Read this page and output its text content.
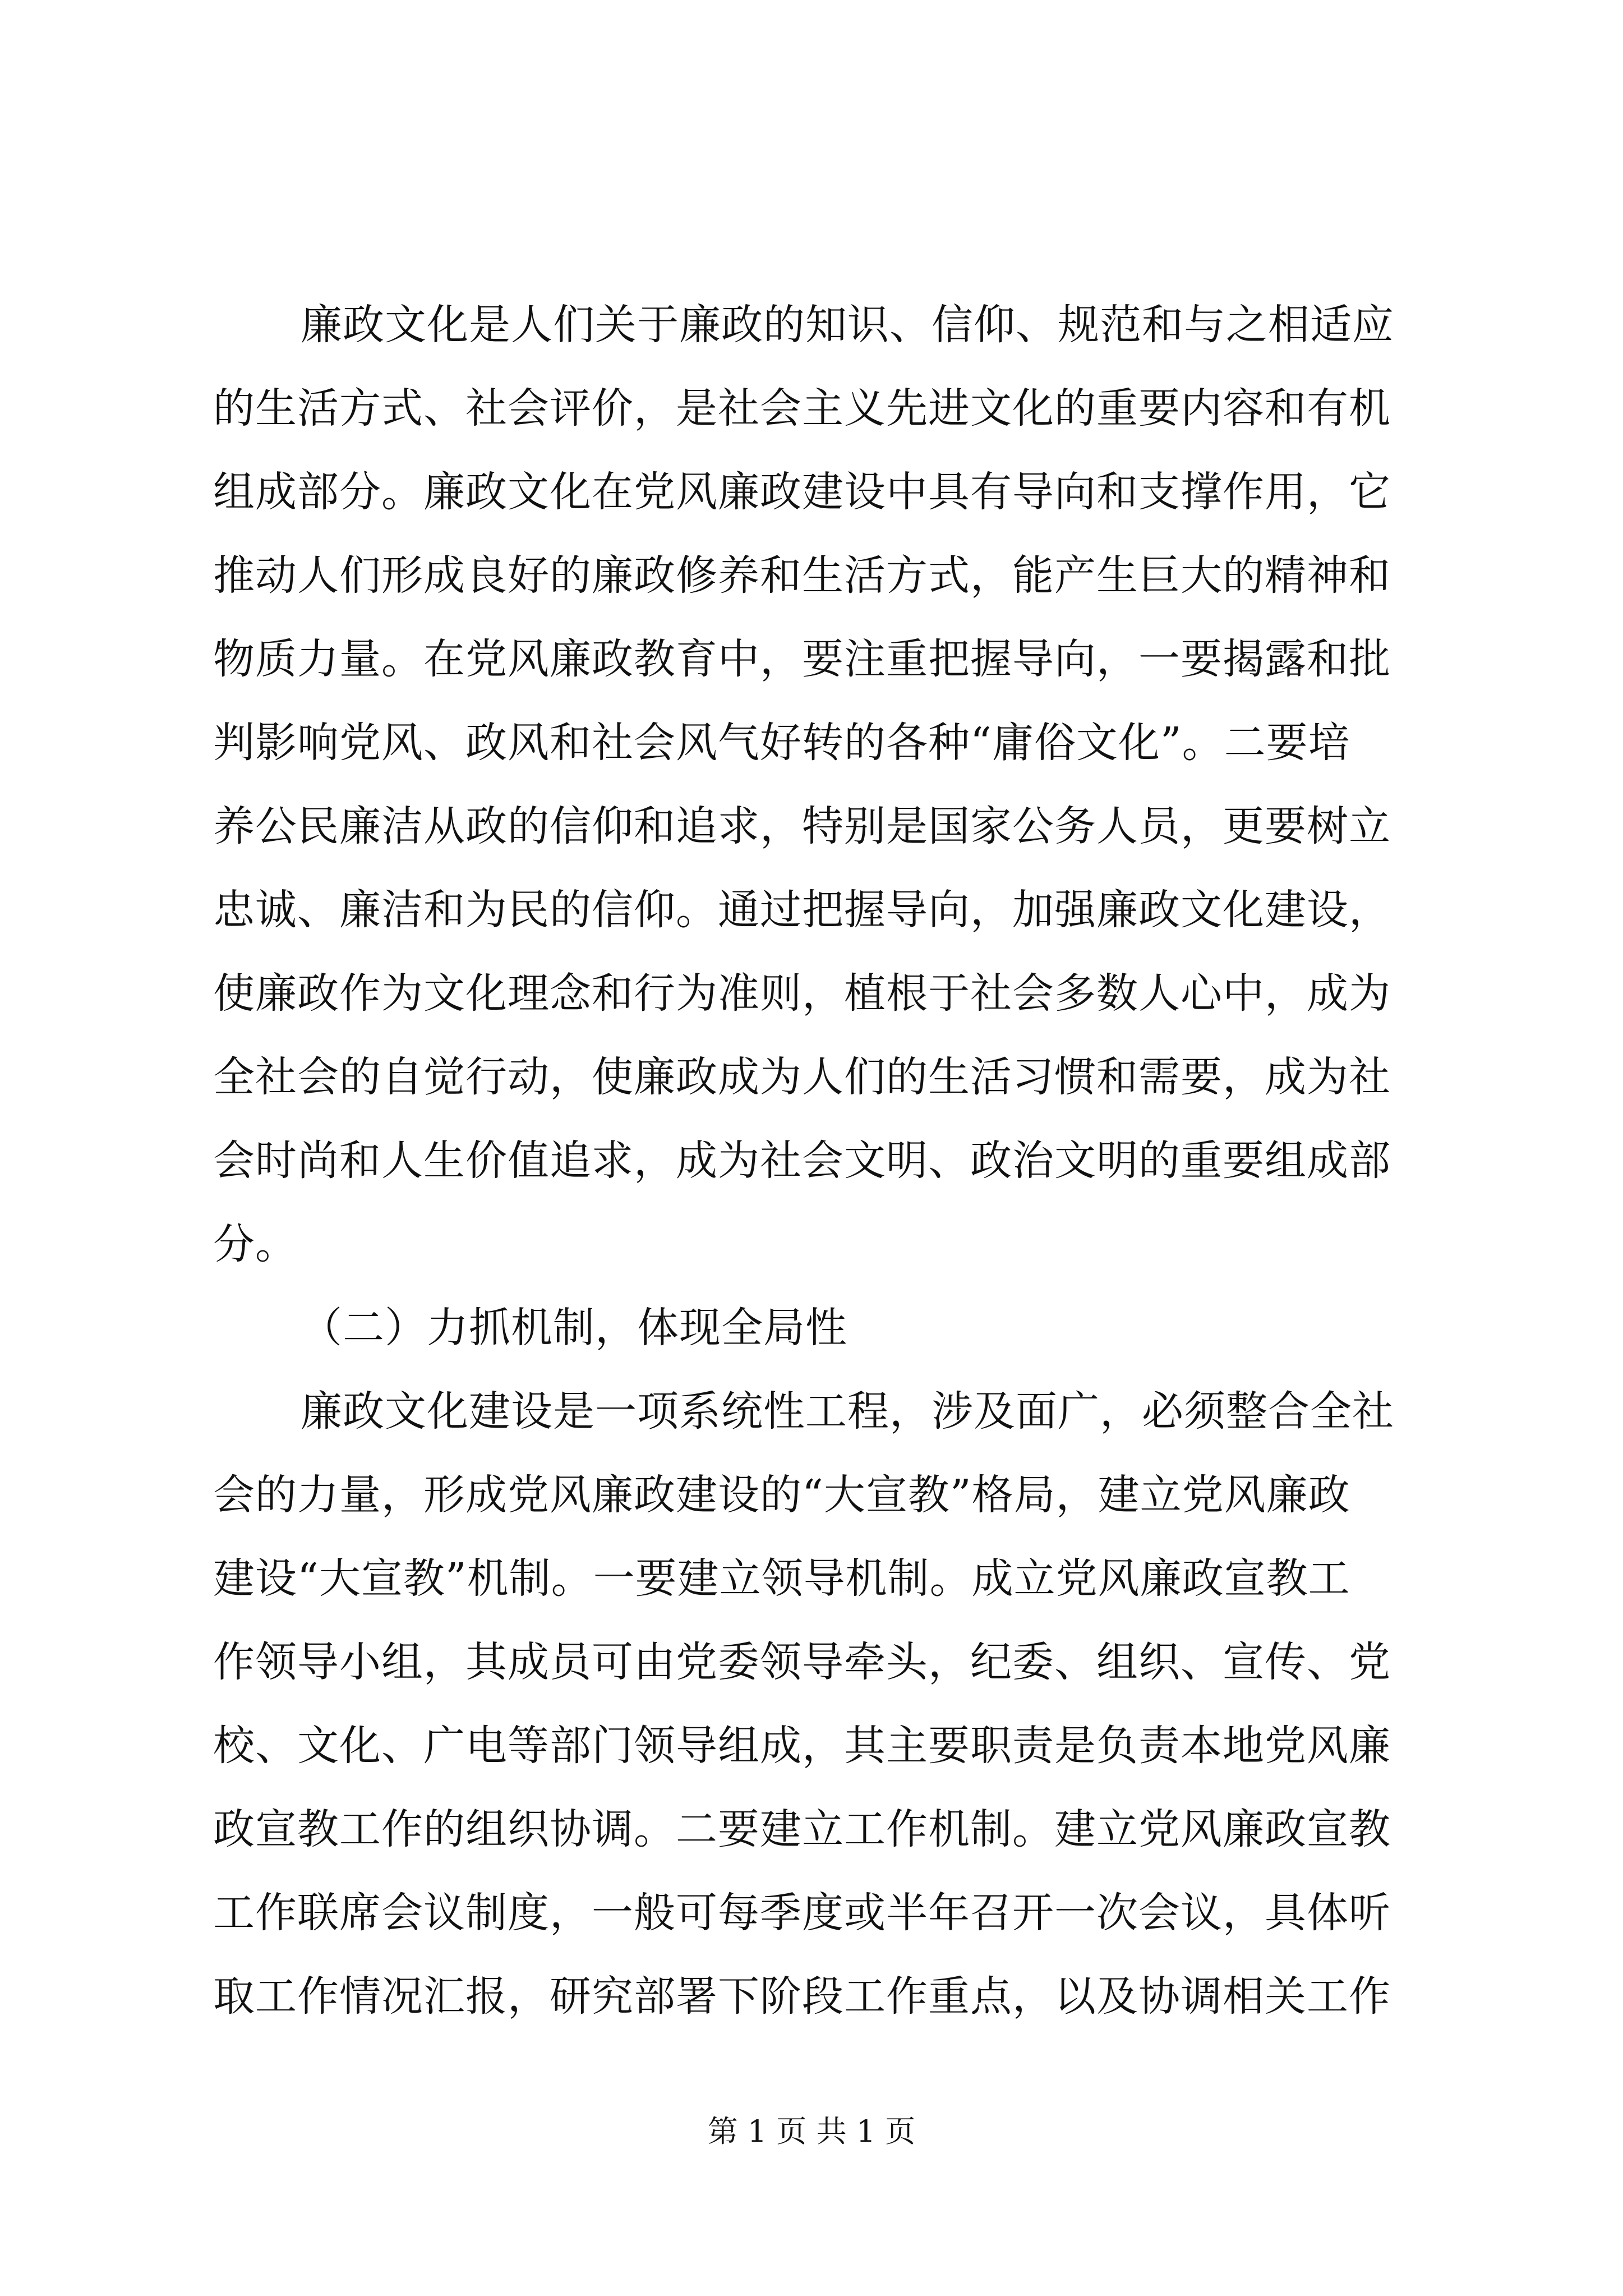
廉政文化是人们关于廉政的知识、信仰、规范和与之相适应
的生活方式、社会评价，是社会主义先进文化的重要内容和有机
组成部分。廉政文化在党风廉政建设中具有导向和支撑作用，它
推动人们形成良好的廉政修养和生活方式，能产生巨大的精神和
物质力量。在党风廉政教育中，要注重把握导向，一要揭露和批
判影响党风、政风和社会风气好转的各种“庸俗文化”。二要培
养公民廉洁从政的信仰和追求，特别是国家公务人员，更要树立
忠诚、廉洁和为民的信仰。通过把握导向，加强廉政文化建设，
使廉政作为文化理念和行为准则，植根于社会多数人心中，成为
全社会的自觉行动，使廉政成为人们的生活习惯和需要，成为社
会时尚和人生价值追求，成为社会文明、政治文明的重要组成部
分。
（二）力抓机制，体现全局性
廉政文化建设是一项系统性工程，涉及面广，必须整合全社
会的力量，形成党风廉政建设的“大宣教”格局，建立党风廉政
建设“大宣教”机制。一要建立领导机制。成立党风廉政宣教工
作领导小组，其成员可由党委领导牵头，纪委、组织、宣传、党
校、文化、广电等部门领导组成，其主要职责是负责本地党风廉
政宣教工作的组织协调。二要建立工作机制。建立党风廉政宣教
工作联席会议制度，一般可每季度或半年召开一次会议，具体听
取工作情况汇报，研究部署下阶段工作重点，以及协调相关工作
第 1 页 共 1 页
